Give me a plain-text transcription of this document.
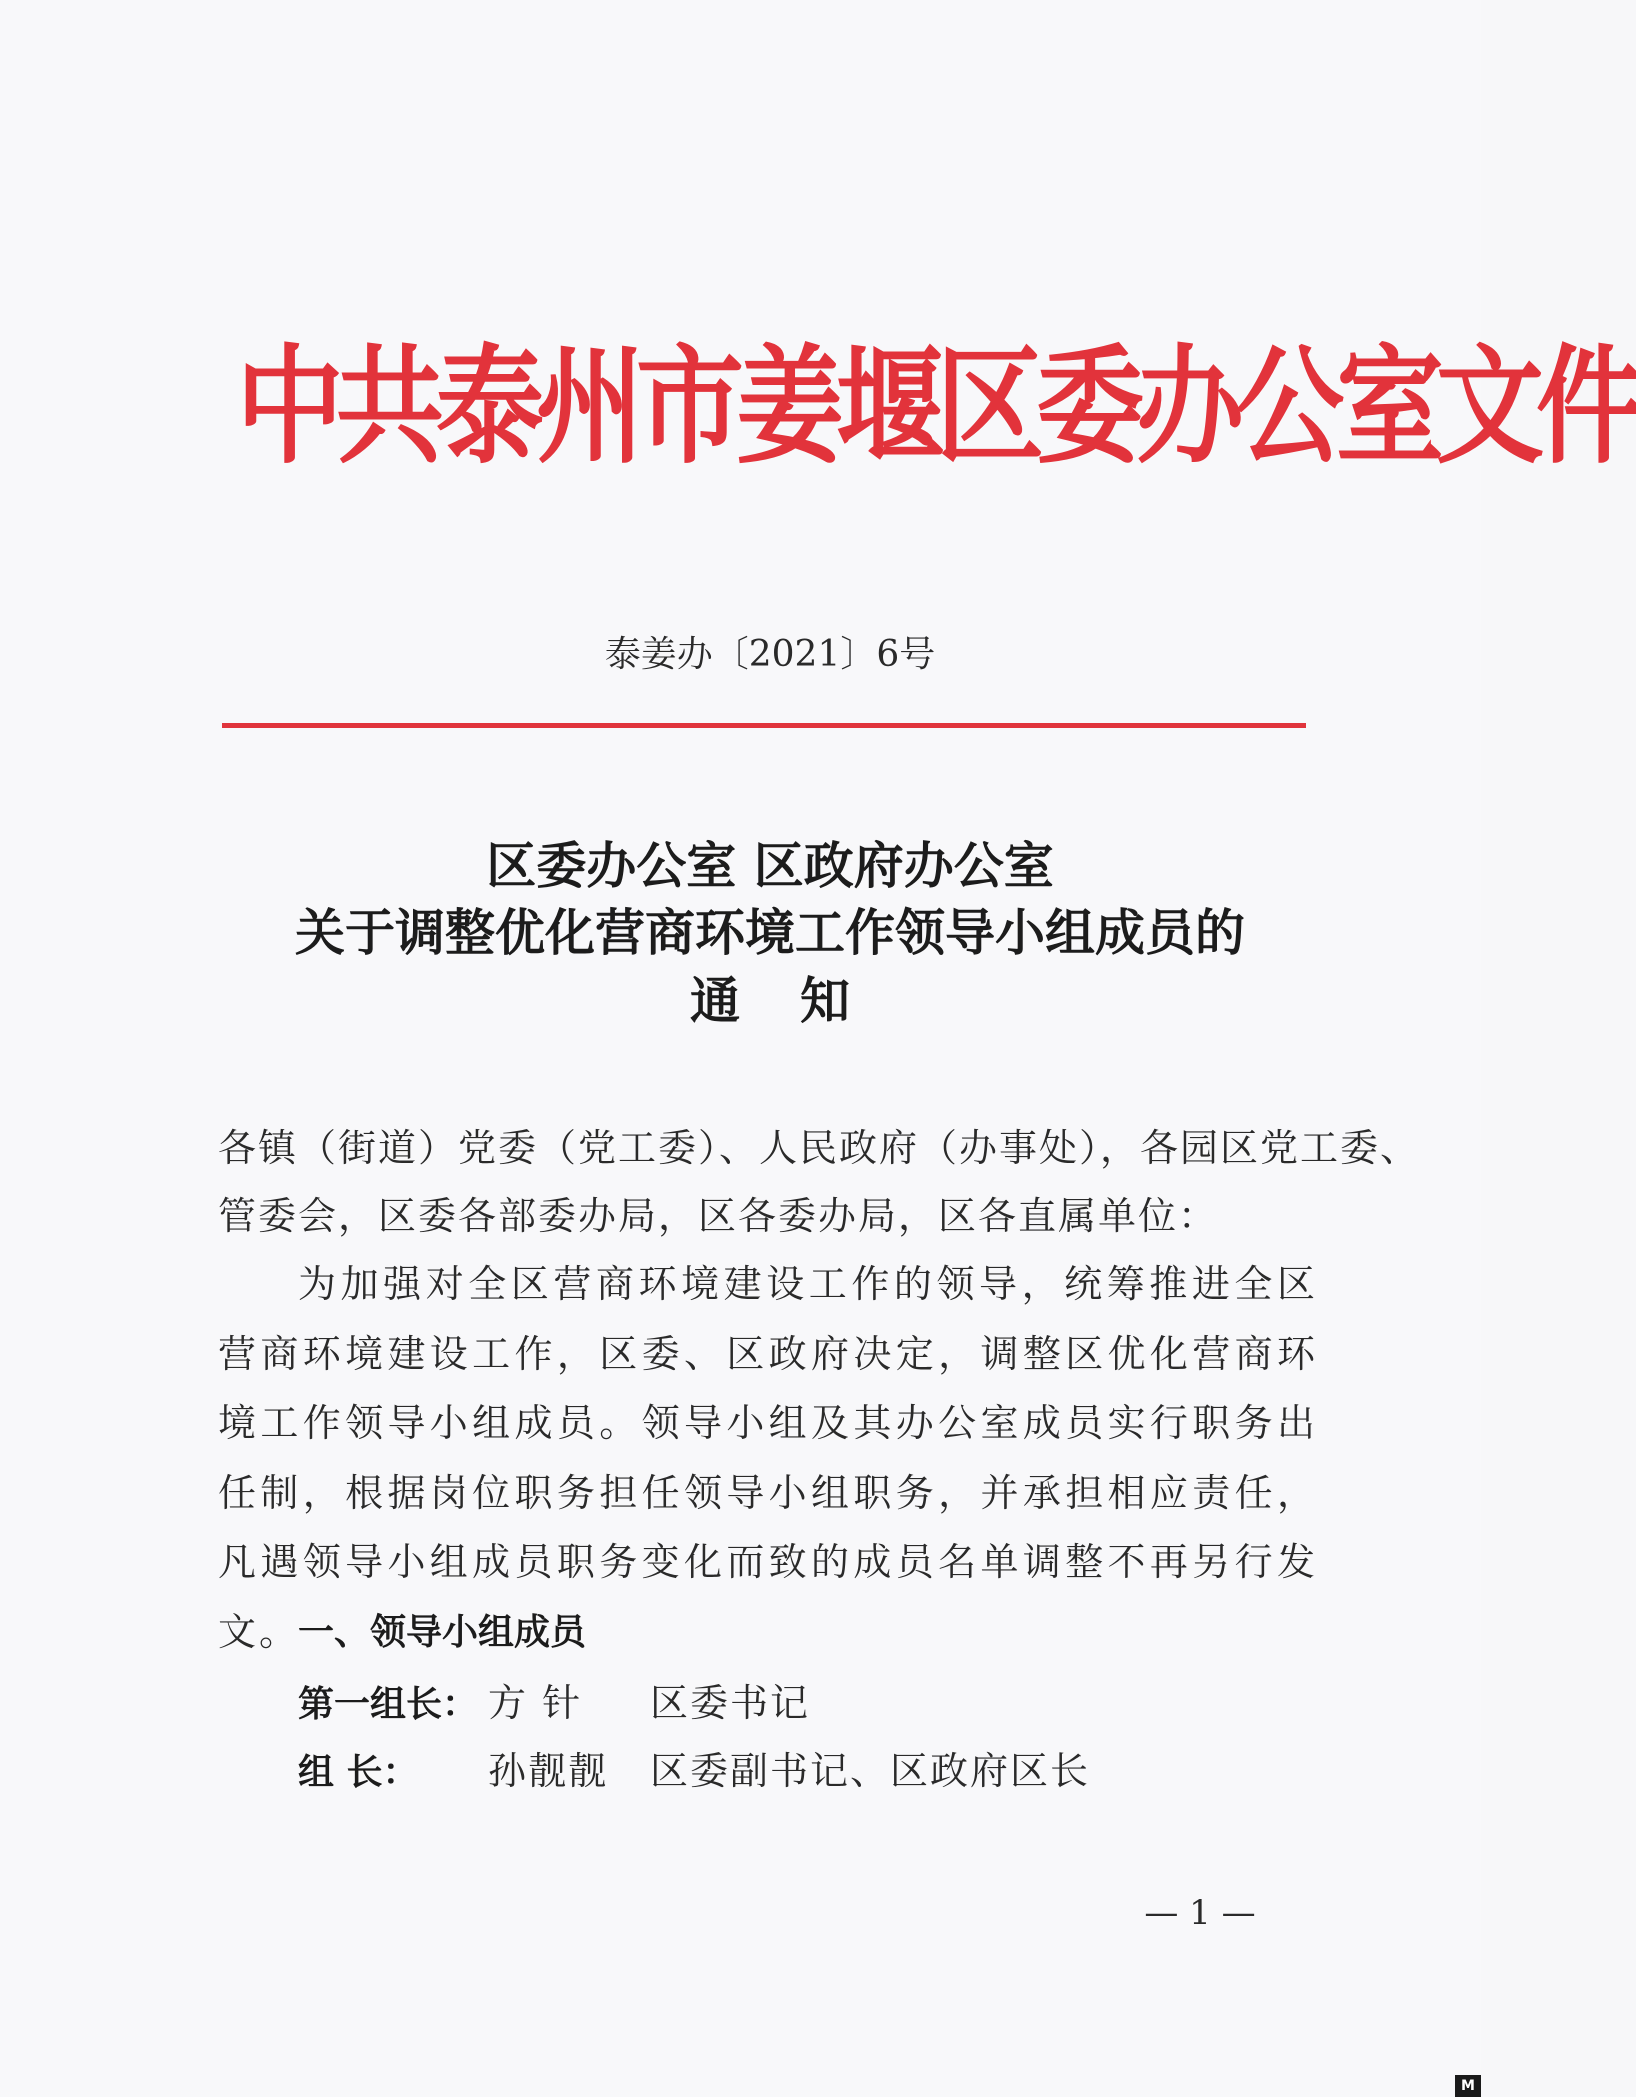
中共泰州市姜堰区委办公室文件
泰姜办〔2021〕6号
区委办公室 区政府办公室
关于调整优化营商环境工作领导小组成员的
通知
各镇（街道）党委（党工委）、人民政府（办事处），各园区党工委、
管委会，区委各部委办局，区各委办局，区各直属单位：
为加强对全区营商环境建设工作的领导，统筹推进全区营商环境建设工作，区委、区政府决定，调整区优化营商环境工作领导小组成员。领导小组及其办公室成员实行职务出任制，根据岗位职务担任领导小组职务，并承担相应责任，凡遇领导小组成员职务变化而致的成员名单调整不再另行发文。
一、领导小组成员
第一组长： 方 针 区委书记
组 长： 孙靓靓 区委副书记、区政府区长
— 1 —
M
